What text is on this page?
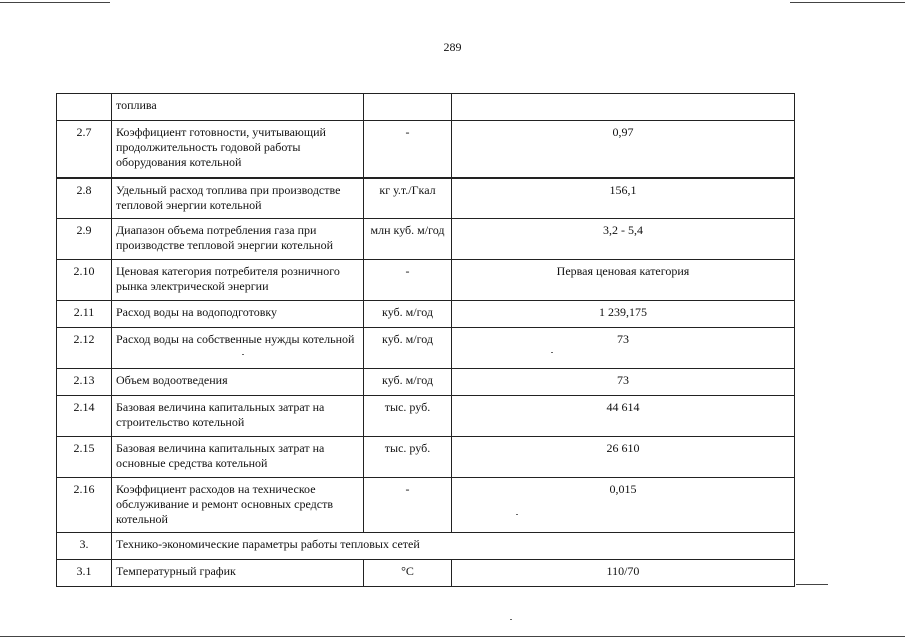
289
	топлива		
2.7	Коэффициент готовности, учитывающий продолжительность годовой работы оборудования котельной	-	0,97
2.8	Удельный расход топлива при производстве тепловой энергии котельной	кг у.т./Гкал	156,1
2.9	Диапазон объема потребления газа при производстве тепловой энергии котельной	млн куб. м/год	3,2 - 5,4
2.10	Ценовая категория потребителя розничного рынка электрической энергии	-	Первая ценовая категория
2.11	Расход воды на водоподготовку	куб. м/год	1 239,175
2.12	Расход воды на собственные нужды котельной	куб. м/год	73
2.13	Объем водоотведения	куб. м/год	73
2.14	Базовая величина капитальных затрат на строительство котельной	тыс. руб.	44 614
2.15	Базовая величина капитальных затрат на основные средства котельной	тыс. руб.	26 610
2.16	Коэффициент расходов на техническое обслуживание и ремонт основных средств котельной	-	0,015
3.	Технико-экономические параметры работы тепловых сетей		
3.1	Температурный график	°C	110/70
